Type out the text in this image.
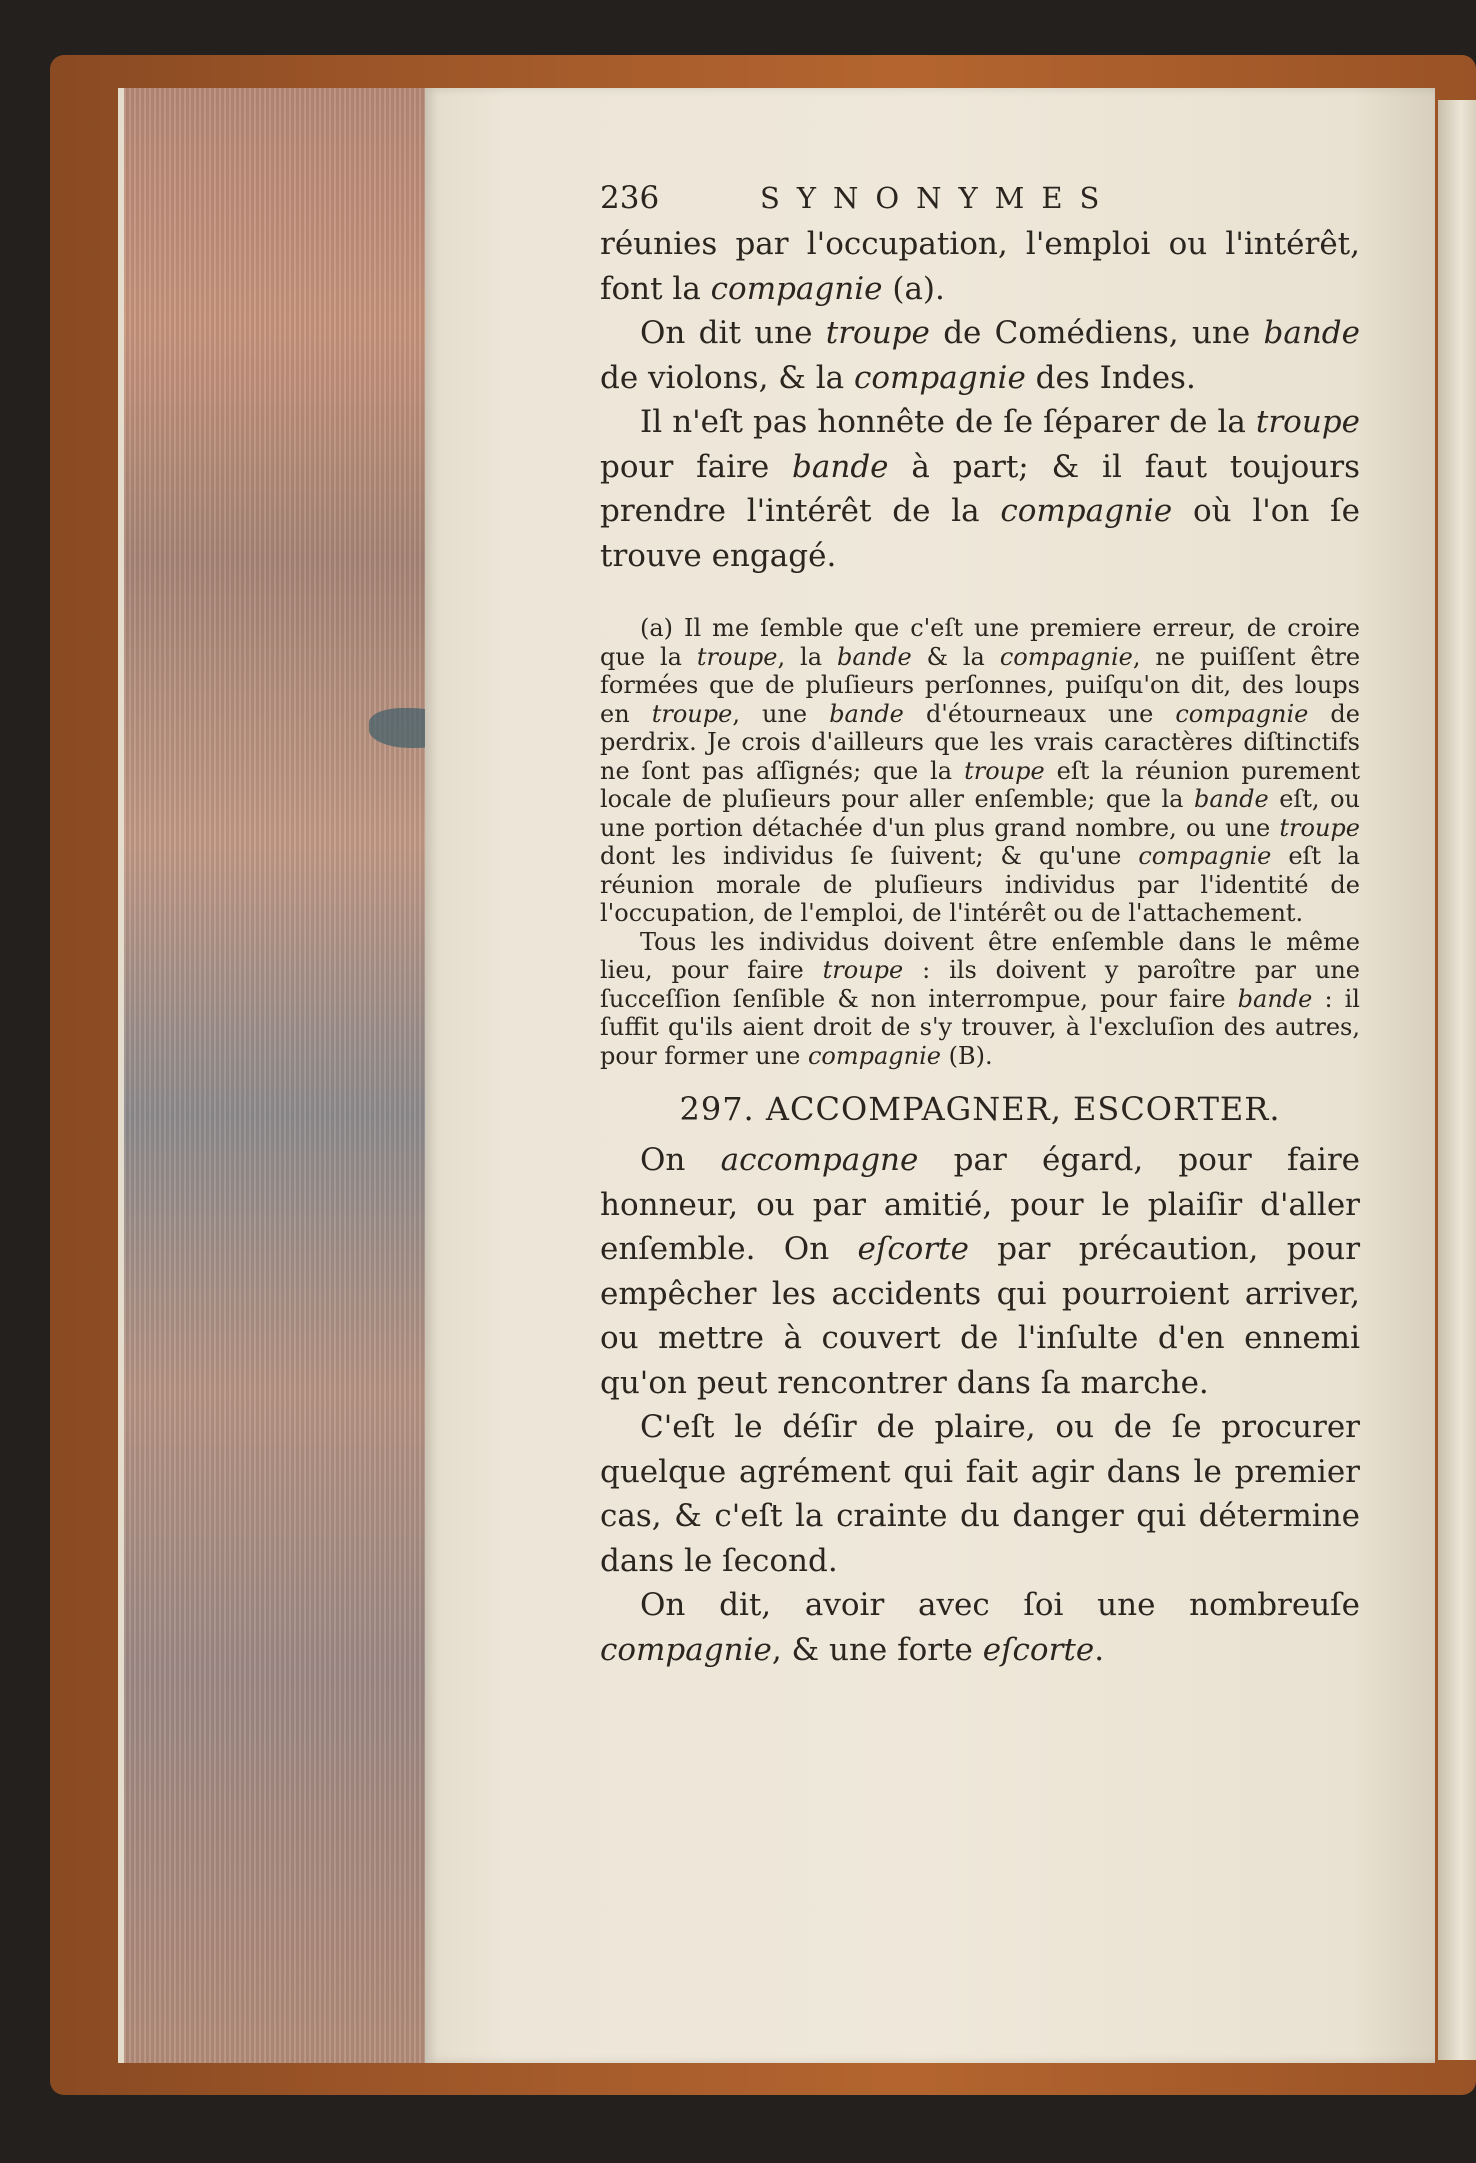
236	SYNONYMES

réunies par l'occupation, l'emploi ou l'intérêt, font la compagnie (a).

On dit une troupe de Comédiens, une bande de violons, & la compagnie des Indes.

Il n'eſt pas honnête de ſe ſéparer de la troupe pour faire bande à part; & il faut toujours prendre l'intérêt de la compagnie où l'on ſe trouve engagé.

(a) Il me ſemble que c'eſt une premiere erreur, de croire que la troupe, la bande & la compagnie, ne puiſſent être formées que de pluſieurs perſonnes, puiſqu'on dit, des loups en troupe, une bande d'étourneaux une compagnie de perdrix. Je crois d'ailleurs que les vrais caractères diſtinctifs ne ſont pas aſſignés; que la troupe eſt la réunion purement locale de pluſieurs pour aller enſemble; que la bande eſt, ou une portion détachée d'un plus grand nombre, ou une troupe dont les individus ſe ſuivent; & qu'une compagnie eſt la réunion morale de pluſieurs individus par l'identité de l'occupation, de l'emploi, de l'intérêt ou de l'attachement.

Tous les individus doivent être enſemble dans le même lieu, pour faire troupe : ils doivent y paroître par une ſucceſſion ſenſible & non interrompue, pour faire bande : il ſuffit qu'ils aient droit de s'y trouver, à l'excluſion des autres, pour former une compagnie (B).

297. ACCOMPAGNER, ESCORTER.

On accompagne par égard, pour faire honneur, ou par amitié, pour le plaiſir d'aller enſemble. On eſcorte par précaution, pour empêcher les accidents qui pourroient arriver, ou mettre à couvert de l'inſulte d'en ennemi qu'on peut rencontrer dans ſa marche.

C'eſt le déſir de plaire, ou de ſe procurer quelque agrément qui fait agir dans le premier cas, & c'eſt la crainte du danger qui détermine dans le ſecond.

On dit, avoir avec ſoi une nombreuſe compagnie, & une forte eſcorte.
